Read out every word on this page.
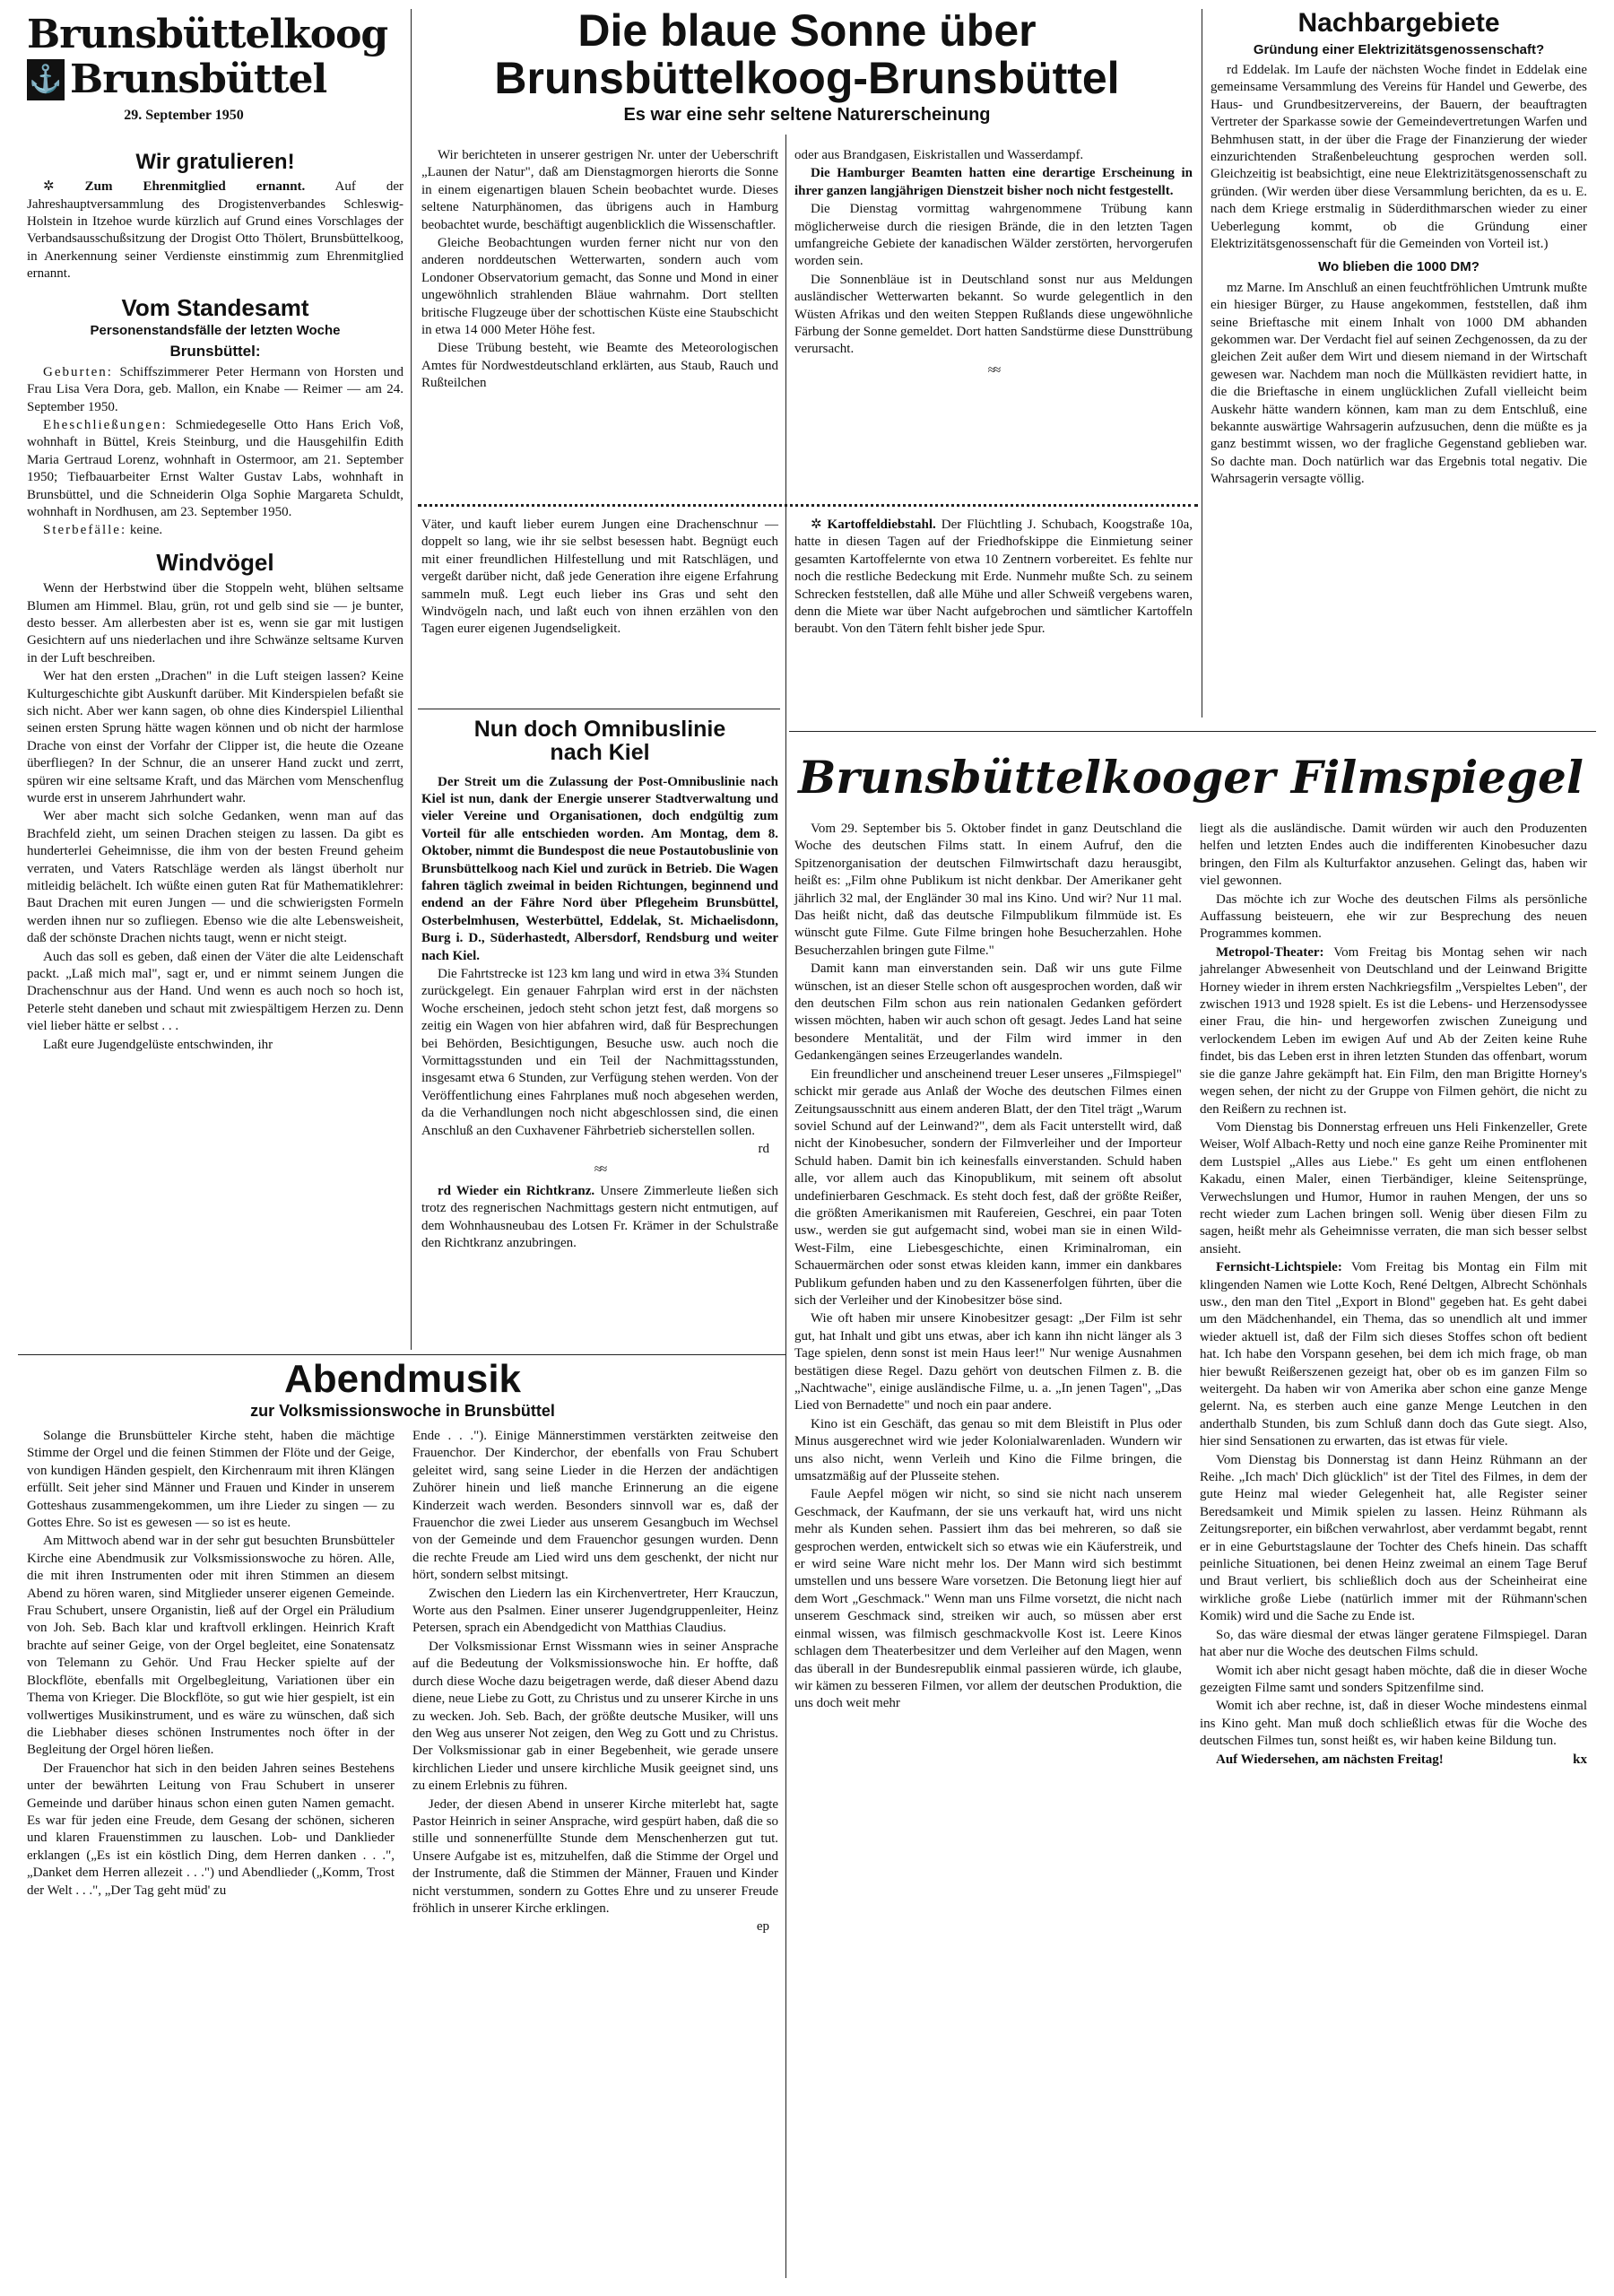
Brunsbüttelkoog
⚓ Brunsbüttel
29. September 1950
Wir gratulieren!

✲ Zum Ehrenmitglied ernannt. Auf der Jahreshauptversammlung des Drogistenverbandes Schleswig-Holstein in Itzehoe wurde kürzlich auf Grund eines Vorschlages der Verbandsausschußsitzung der Drogist Otto Thölert, Brunsbüttelkoog, in Anerkennung seiner Verdienste einstimmig zum Ehrenmitglied ernannt.

Vom Standesamt
Personenstandsfälle der letzten Woche
Brunsbüttel:

Geburten: Schiffszimmerer Peter Hermann von Horsten und Frau Lisa Vera Dora, geb. Mallon, ein Knabe — Reimer — am 24. September 1950.

Eheschließungen: Schmiedegeselle Otto Hans Erich Voß, wohnhaft in Büttel, Kreis Steinburg, und die Hausgehilfin Edith Maria Gertraud Lorenz, wohnhaft in Ostermoor, am 21. September 1950; Tiefbauarbeiter Ernst Walter Gustav Labs, wohnhaft in Brunsbüttel, und die Schneiderin Olga Sophie Margareta Schuldt, wohnhaft in Nordhusen, am 23. September 1950.

Sterbefälle: keine.

Windvögel

Wenn der Herbstwind über die Stoppeln weht, blühen seltsame Blumen am Himmel. Blau, grün, rot und gelb sind sie — je bunter, desto besser. Am allerbesten aber ist es, wenn sie gar mit lustigen Gesichtern auf uns niederlachen und ihre Schwänze seltsame Kurven in der Luft beschreiben.

Wer hat den ersten „Drachen" in die Luft steigen lassen? Keine Kulturgeschichte gibt Auskunft darüber. Mit Kinderspielen befaßt sie sich nicht. Aber wer kann sagen, ob ohne dies Kinderspiel Lilienthal seinen ersten Sprung hätte wagen können und ob nicht der harmlose Drache von einst der Vorfahr der Clipper ist, die heute die Ozeane überfliegen? In der Schnur, die an unserer Hand zuckt und zerrt, spüren wir eine seltsame Kraft, und das Märchen vom Menschenflug wurde erst in unserem Jahrhundert wahr.

Wer aber macht sich solche Gedanken, wenn man auf das Brachfeld zieht, um seinen Drachen steigen zu lassen. Da gibt es hunderterlei Geheimnisse, die ihm von der besten Freund geheim verraten, und Vaters Ratschläge werden als längst überholt nur mitleidig belächelt. Ich wüßte einen guten Rat für Mathematiklehrer: Baut Drachen mit euren Jungen — und die schwierigsten Formeln werden ihnen nur so zufliegen. Ebenso wie die alte Lebensweisheit, daß der schönste Drachen nichts taugt, wenn er nicht steigt.

Auch das soll es geben, daß einen der Väter die alte Leidenschaft packt. „Laß mich mal", sagt er, und er nimmt seinem Jungen die Drachenschnur aus der Hand. Und wenn es auch noch so hoch ist, Peterle steht daneben und schaut mit zwiespältigem Herzen zu. Denn viel lieber hätte er selbst . . .

Laßt eure Jugendgelüste entschwinden, ihr

Die blaue Sonne über
Brunsbüttelkoog-Brunsbüttel
Es war eine sehr seltene Naturerscheinung

Wir berichteten in unserer gestrigen Nr. unter der Ueberschrift „Launen der Natur", daß am Dienstagmorgen hierorts die Sonne in einem eigenartigen blauen Schein beobachtet wurde. Dieses seltene Naturphänomen, das übrigens auch in Hamburg beobachtet wurde, beschäftigt augenblicklich die Wissenschaftler.

Gleiche Beobachtungen wurden ferner nicht nur von den anderen norddeutschen Wetterwarten, sondern auch vom Londoner Observatorium gemacht, das Sonne und Mond in einer ungewöhnlich strahlenden Bläue wahrnahm. Dort stellten britische Flugzeuge über der schottischen Küste eine Staubschicht in etwa 14 000 Meter Höhe fest.

Diese Trübung besteht, wie Beamte des Meteorologischen Amtes für Nordwestdeutschland erklärten, aus Staub, Rauch und Rußteilchen

oder aus Brandgasen, Eiskristallen und Wasserdampf.

Die Hamburger Beamten hatten eine derartige Erscheinung in ihrer ganzen langjährigen Dienstzeit bisher noch nicht festgestellt.

Die Dienstag vormittag wahrgenommene Trübung kann möglicherweise durch die riesigen Brände, die in den letzten Tagen umfangreiche Gebiete der kanadischen Wälder zerstörten, hervorgerufen worden sein.

Die Sonnenbläue ist in Deutschland sonst nur aus Meldungen ausländischer Wetterwarten bekannt. So wurde gelegentlich in den Wüsten Afrikas und den weiten Steppen Rußlands diese ungewöhnliche Färbung der Sonne gemeldet. Dort hatten Sandstürme diese Dunsttrübung verursacht.

≈≈

Väter, und kauft lieber eurem Jungen eine Drachenschnur — doppelt so lang, wie ihr sie selbst besessen habt. Begnügt euch mit einer freundlichen Hilfestellung und mit Ratschlägen, und vergeßt darüber nicht, daß jede Generation ihre eigene Erfahrung sammeln muß. Legt euch lieber ins Gras und seht den Windvögeln nach, und laßt euch von ihnen erzählen von den Tagen eurer eigenen Jugendseligkeit.

✲ Kartoffeldiebstahl. Der Flüchtling J. Schubach, Koogstraße 10a, hatte in diesen Tagen auf der Friedhofskippe die Einmietung seiner gesamten Kartoffelernte von etwa 10 Zentnern vorbereitet. Es fehlte nur noch die restliche Bedeckung mit Erde. Nunmehr mußte Sch. zu seinem Schrecken feststellen, daß alle Mühe und aller Schweiß vergebens waren, denn die Miete war über Nacht aufgebrochen und sämtlicher Kartoffeln beraubt. Von den Tätern fehlt bisher jede Spur.

Nun doch Omnibuslinie
nach Kiel

Der Streit um die Zulassung der Post-Omnibuslinie nach Kiel ist nun, dank der Energie unserer Stadtverwaltung und vieler Vereine und Organisationen, doch endgültig zum Vorteil für alle entschieden worden. Am Montag, dem 8. Oktober, nimmt die Bundespost die neue Postautobuslinie von Brunsbüttelkoog nach Kiel und zurück in Betrieb. Die Wagen fahren täglich zweimal in beiden Richtungen, beginnend und endend an der Fähre Nord über Pflegeheim Brunsbüttel, Osterbelmhusen, Westerbüttel, Eddelak, St. Michaelisdonn, Burg i. D., Süderhastedt, Albersdorf, Rendsburg und weiter nach Kiel.

Die Fahrtstrecke ist 123 km lang und wird in etwa 3¾ Stunden zurückgelegt. Ein genauer Fahrplan wird erst in der nächsten Woche erscheinen, jedoch steht schon jetzt fest, daß morgens so zeitig ein Wagen von hier abfahren wird, daß für Besprechungen bei Behörden, Besichtigungen, Besuche usw. auch noch die Vormittagsstunden und ein Teil der Nachmittagsstunden, insgesamt etwa 6 Stunden, zur Verfügung stehen werden. Von der Veröffentlichung eines Fahrplanes muß noch abgesehen werden, da die Verhandlungen noch nicht abgeschlossen sind, die einen Anschluß an den Cuxhavener Fährbetrieb sicherstellen sollen.

rd
≈≈

rd Wieder ein Richtkranz. Unsere Zimmerleute ließen sich trotz des regnerischen Nachmittags gestern nicht entmutigen, auf dem Wohnhausneubau des Lotsen Fr. Krämer in der Schulstraße den Richtkranz anzubringen.

Abendmusik
zur Volksmissionswoche in Brunsbüttel

Solange die Brunsbütteler Kirche steht, haben die mächtige Stimme der Orgel und die feinen Stimmen der Flöte und der Geige, von kundigen Händen gespielt, den Kirchenraum mit ihren Klängen erfüllt. Seit jeher sind Männer und Frauen und Kinder in unserem Gotteshaus zusammengekommen, um ihre Lieder zu singen — zu Gottes Ehre. So ist es gewesen — so ist es heute.

Am Mittwoch abend war in der sehr gut besuchten Brunsbütteler Kirche eine Abendmusik zur Volksmissionswoche zu hören. Alle, die mit ihren Instrumenten oder mit ihren Stimmen an diesem Abend zu hören waren, sind Mitglieder unserer eigenen Gemeinde. Frau Schubert, unsere Organistin, ließ auf der Orgel ein Präludium von Joh. Seb. Bach klar und kraftvoll erklingen. Heinrich Kraft brachte auf seiner Geige, von der Orgel begleitet, eine Sonatensatz von Telemann zu Gehör. Und Frau Hecker spielte auf der Blockflöte, ebenfalls mit Orgelbegleitung, Variationen über ein Thema von Krieger. Die Blockflöte, so gut wie hier gespielt, ist ein vollwertiges Musikinstrument, und es wäre zu wünschen, daß sich die Liebhaber dieses schönen Instrumentes noch öfter in der Begleitung der Orgel hören ließen.

Der Frauenchor hat sich in den beiden Jahren seines Bestehens unter der bewährten Leitung von Frau Schubert in unserer Gemeinde und darüber hinaus schon einen guten Namen gemacht. Es war für jeden eine Freude, dem Gesang der schönen, sicheren und klaren Frauenstimmen zu lauschen. Lob- und Danklieder erklangen („Es ist ein köstlich Ding, dem Herren danken . . .", „Danket dem Herren allezeit . . .") und Abendlieder („Komm, Trost der Welt . . .", „Der Tag geht müd' zu

Ende . . ."). Einige Männerstimmen verstärkten zeitweise den Frauenchor. Der Kinderchor, der ebenfalls von Frau Schubert geleitet wird, sang seine Lieder in die Herzen der andächtigen Zuhörer hinein und ließ manche Erinnerung an die eigene Kinderzeit wach werden. Besonders sinnvoll war es, daß der Frauenchor die zwei Lieder aus unserem Gesangbuch im Wechsel von der Gemeinde und dem Frauenchor gesungen wurden. Denn die rechte Freude am Lied wird uns dem geschenkt, der nicht nur hört, sondern selbst mitsingt.

Zwischen den Liedern las ein Kirchenvertreter, Herr Krauczun, Worte aus den Psalmen. Einer unserer Jugendgruppenleiter, Heinz Petersen, sprach ein Abendgedicht von Matthias Claudius.

Der Volksmissionar Ernst Wissmann wies in seiner Ansprache auf die Bedeutung der Volksmissionswoche hin. Er hoffte, daß durch diese Woche dazu beigetragen werde, daß dieser Abend dazu diene, neue Liebe zu Gott, zu Christus und zu unserer Kirche in uns zu wecken. Joh. Seb. Bach, der größte deutsche Musiker, will uns den Weg aus unserer Not zeigen, den Weg zu Gott und zu Christus. Der Volksmissionar gab in einer Begebenheit, wie gerade unsere kirchlichen Lieder und unsere kirchliche Musik geeignet sind, uns zu einem Erlebnis zu führen.

Jeder, der diesen Abend in unserer Kirche miterlebt hat, sagte Pastor Heinrich in seiner Ansprache, wird gespürt haben, daß die so stille und sonnenerfüllte Stunde dem Menschenherzen gut tut. Unsere Aufgabe ist es, mitzuhelfen, daß die Stimme der Orgel und der Instrumente, daß die Stimmen der Männer, Frauen und Kinder nicht verstummen, sondern zu Gottes Ehre und zu unserer Freude fröhlich in unserer Kirche erklingen.

ep
Nachbargebiete
Gründung einer Elektrizitätsgenossenschaft?

rd Eddelak. Im Laufe der nächsten Woche findet in Eddelak eine gemeinsame Versammlung des Vereins für Handel und Gewerbe, des Haus- und Grundbesitzervereins, der Bauern, der beauftragten Vertreter der Sparkasse sowie der Gemeindevertretungen Warfen und Behmhusen statt, in der über die Frage der Finanzierung der wieder einzurichtenden Straßenbeleuchtung gesprochen werden soll. Gleichzeitig ist beabsichtigt, eine neue Elektrizitätsgenossenschaft zu gründen. (Wir werden über diese Versammlung berichten, da es u. E. nach dem Kriege erstmalig in Süderdithmarschen wieder zu einer Ueberlegung kommt, ob die Gründung einer Elektrizitätsgenossenschaft für die Gemeinden von Vorteil ist.)

Wo blieben die 1000 DM?

mz Marne. Im Anschluß an einen feuchtfröhlichen Umtrunk mußte ein hiesiger Bürger, zu Hause angekommen, feststellen, daß ihm seine Brieftasche mit einem Inhalt von 1000 DM abhanden gekommen war. Der Verdacht fiel auf seinen Zechgenossen, da zu der gleichen Zeit außer dem Wirt und diesem niemand in der Wirtschaft gewesen war. Nachdem man noch die Müllkästen revidiert hatte, in die die Brieftasche in einem unglücklichen Zufall vielleicht beim Auskehr hätte wandern können, kam man zu dem Entschluß, eine bekannte auswärtige Wahrsagerin aufzusuchen, denn die müßte es ja ganz bestimmt wissen, wo der fragliche Gegenstand geblieben war. So dachte man. Doch natürlich war das Ergebnis total negativ. Die Wahrsagerin versagte völlig.

Brunsbüttelkooger Filmspiegel

Vom 29. September bis 5. Oktober findet in ganz Deutschland die Woche des deutschen Films statt. In einem Aufruf, den die Spitzenorganisation der deutschen Filmwirtschaft dazu herausgibt, heißt es: „Film ohne Publikum ist nicht denkbar. Der Amerikaner geht jährlich 32 mal, der Engländer 30 mal ins Kino. Und wir? Nur 11 mal. Das heißt nicht, daß das deutsche Filmpublikum filmmüde ist. Es wünscht gute Filme. Gute Filme bringen hohe Besucherzahlen. Hohe Besucherzahlen bringen gute Filme."

Damit kann man einverstanden sein. Daß wir uns gute Filme wünschen, ist an dieser Stelle schon oft ausgesprochen worden, daß wir den deutschen Film schon aus rein nationalen Gedanken gefördert wissen möchten, haben wir auch schon oft gesagt. Jedes Land hat seine besondere Mentalität, und der Film wird immer in den Gedankengängen seines Erzeugerlandes wandeln.

Ein freundlicher und anscheinend treuer Leser unseres „Filmspiegel" schickt mir gerade aus Anlaß der Woche des deutschen Filmes einen Zeitungsausschnitt aus einem anderen Blatt, der den Titel trägt „Warum soviel Schund auf der Leinwand?", dem als Facit unterstellt wird, daß nicht der Kinobesucher, sondern der Filmverleiher und der Importeur Schuld haben. Damit bin ich keinesfalls einverstanden. Schuld haben alle, vor allem auch das Kinopublikum, mit seinem oft absolut undefinierbaren Geschmack. Es steht doch fest, daß der größte Reißer, die größten Amerikanismen mit Raufereien, Geschrei, ein paar Toten usw., werden sie gut aufgemacht sind, wobei man sie in einen Wild-West-Film, eine Liebesgeschichte, einen Kriminalroman, ein Schauermärchen oder sonst etwas kleiden kann, immer ein dankbares Publikum gefunden haben und zu den Kassenerfolgen führten, über die sich der Verleiher und der Kinobesitzer böse sind.

Wie oft haben mir unsere Kinobesitzer gesagt: „Der Film ist sehr gut, hat Inhalt und gibt uns etwas, aber ich kann ihn nicht länger als 3 Tage spielen, denn sonst ist mein Haus leer!" Nur wenige Ausnahmen bestätigen diese Regel. Dazu gehört von deutschen Filmen z. B. die „Nachtwache", einige ausländische Filme, u. a. „In jenen Tagen", „Das Lied von Bernadette" und noch ein paar andere.

Kino ist ein Geschäft, das genau so mit dem Bleistift in Plus oder Minus ausgerechnet wird wie jeder Kolonialwarenladen. Wundern wir uns also nicht, wenn Verleih und Kino die Filme bringen, die umsatzmäßig auf der Plusseite stehen.

Faule Aepfel mögen wir nicht, so sind sie nicht nach unserem Geschmack, der Kaufmann, der sie uns verkauft hat, wird uns nicht mehr als Kunden sehen. Passiert ihm das bei mehreren, so daß sie gesprochen werden, entwickelt sich so etwas wie ein Käuferstreik, und er wird seine Ware nicht mehr los. Der Mann wird sich bestimmt umstellen und uns bessere Ware vorsetzen. Die Betonung liegt hier auf dem Wort „Geschmack." Wenn man uns Filme vorsetzt, die nicht nach unserem Geschmack sind, streiken wir auch, so müssen aber erst einmal wissen, was filmisch geschmackvolle Kost ist. Leere Kinos schlagen dem Theaterbesitzer und dem Verleiher auf den Magen, wenn das überall in der Bundesrepublik einmal passieren würde, ich glaube, wir kämen zu besseren Filmen, vor allem der deutschen Produktion, die uns doch weit mehr

liegt als die ausländische. Damit würden wir auch den Produzenten helfen und letzten Endes auch die indifferenten Kinobesucher dazu bringen, den Film als Kulturfaktor anzusehen. Gelingt das, haben wir viel gewonnen.

Das möchte ich zur Woche des deutschen Films als persönliche Auffassung beisteuern, ehe wir zur Besprechung des neuen Programmes kommen.

Metropol-Theater: Vom Freitag bis Montag sehen wir nach jahrelanger Abwesenheit von Deutschland und der Leinwand Brigitte Horney wieder in ihrem ersten Nachkriegsfilm „Verspieltes Leben", der zwischen 1913 und 1928 spielt. Es ist die Lebens- und Herzensodyssee einer Frau, die hin- und hergeworfen zwischen Zuneigung und verlockendem Leben im ewigen Auf und Ab der Zeiten keine Ruhe findet, bis das Leben erst in ihren letzten Stunden das offenbart, worum sie die ganze Jahre gekämpft hat. Ein Film, den man Brigitte Horney's wegen sehen, der nicht zu der Gruppe von Filmen gehört, die nicht zu den Reißern zu rechnen ist.

Vom Dienstag bis Donnerstag erfreuen uns Heli Finkenzeller, Grete Weiser, Wolf Albach-Retty und noch eine ganze Reihe Prominenter mit dem Lustspiel „Alles aus Liebe." Es geht um einen entflohenen Kakadu, einen Maler, einen Tierbändiger, kleine Seitensprünge, Verwechslungen und Humor, Humor in rauhen Mengen, der uns so recht wieder zum Lachen bringen soll. Wenig über diesen Film zu sagen, heißt mehr als Geheimnisse verraten, die man sich besser selbst ansieht.

Fernsicht-Lichtspiele: Vom Freitag bis Montag ein Film mit klingenden Namen wie Lotte Koch, René Deltgen, Albrecht Schönhals usw., den man den Titel „Export in Blond" gegeben hat. Es geht dabei um den Mädchenhandel, ein Thema, das so unendlich alt und immer wieder aktuell ist, daß der Film sich dieses Stoffes schon oft bedient hat. Ich habe den Vorspann gesehen, bei dem ich mich frage, ob man hier bewußt Reißerszenen gezeigt hat, ober ob es im ganzen Film so weitergeht. Da haben wir von Amerika aber schon eine ganze Menge gelernt. Na, es sterben auch eine ganze Menge Leutchen in den anderthalb Stunden, bis zum Schluß dann doch das Gute siegt. Also, hier sind Sensationen zu erwarten, das ist etwas für viele.

Vom Dienstag bis Donnerstag ist dann Heinz Rühmann an der Reihe. „Ich mach' Dich glücklich" ist der Titel des Filmes, in dem der gute Heinz mal wieder Gelegenheit hat, alle Register seiner Beredsamkeit und Mimik spielen zu lassen. Heinz Rühmann als Zeitungsreporter, ein bißchen verwahrlost, aber verdammt begabt, rennt er in eine Geburtstagslaune der Tochter des Chefs hinein. Das schafft peinliche Situationen, bei denen Heinz zweimal an einem Tage Beruf und Braut verliert, bis schließlich doch aus der Scheinheirat eine wirkliche große Liebe (natürlich immer mit der Rühmann'schen Komik) wird und die Sache zu Ende ist.

So, das wäre diesmal der etwas länger geratene Filmspiegel. Daran hat aber nur die Woche des deutschen Films schuld.

Womit ich aber nicht gesagt haben möchte, daß die in dieser Woche gezeigten Filme samt und sonders Spitzenfilme sind.

Womit ich aber rechne, ist, daß in dieser Woche mindestens einmal ins Kino geht. Man muß doch schließlich etwas für die Woche des deutschen Filmes tun, sonst heißt es, wir haben keine Bildung tun.

Auf Wiedersehen, am nächsten Freitag!	kx
